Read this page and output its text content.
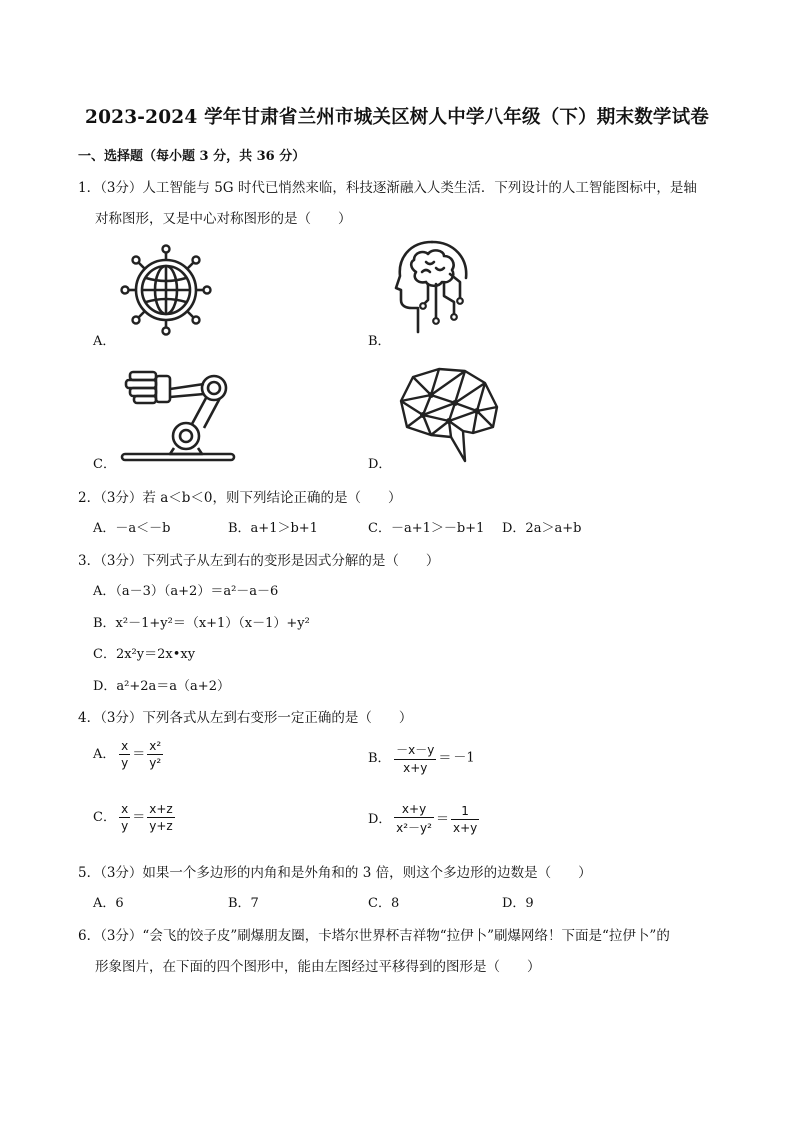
2023-2024 学年甘肃省兰州市城关区树人中学八年级（下）期末数学试卷
一、选择题（每小题 3 分，共 36 分）
1．（3分）人工智能与 5G 时代已悄然来临，科技逐渐融入人类生活．下列设计的人工智能图标中，是轴
对称图形，又是中心对称图形的是（　　）
A．	B．
C．	D．
2．（3分）若 a＜b＜0，则下列结论正确的是（　　）
A．－a＜－b	B．a+1＞b+1	C．－a+1＞－b+1 D．2a＞a+b
3．（3分）下列式子从左到右的变形是因式分解的是（　　）
A．（a－3）（a+2）＝a²－a－6
B．x²－1+y²＝（x+1）（x－1）+y²
C．2x²y＝2x•xy
D．a²+2a＝a（a+2）
4．（3分）下列各式从左到右变形一定正确的是（　　）
A． $\frac{x}{y} = \frac{\text{x²}}{\text{y²}}$	B． $\frac{-x-y}{x+y} = -1$
C． $\frac{x}{y} = \frac{x+z}{y+z}$	D． $\frac{x+y}{\text{x²－y²}} = \frac{1}{x+y}$
5．（3分）如果一个多边形的内角和是外角和的 3 倍，则这个多边形的边数是（　　）
A．6	B．7	C．8	D．9
6．（3分）“会飞的饺子皮”刷爆朋友圈，卡塔尔世界杯吉祥物“拉伊卜”刷爆网络！下面是“拉伊卜”的
形象图片，在下面的四个图形中，能由左图经过平移得到的图形是（　　）
